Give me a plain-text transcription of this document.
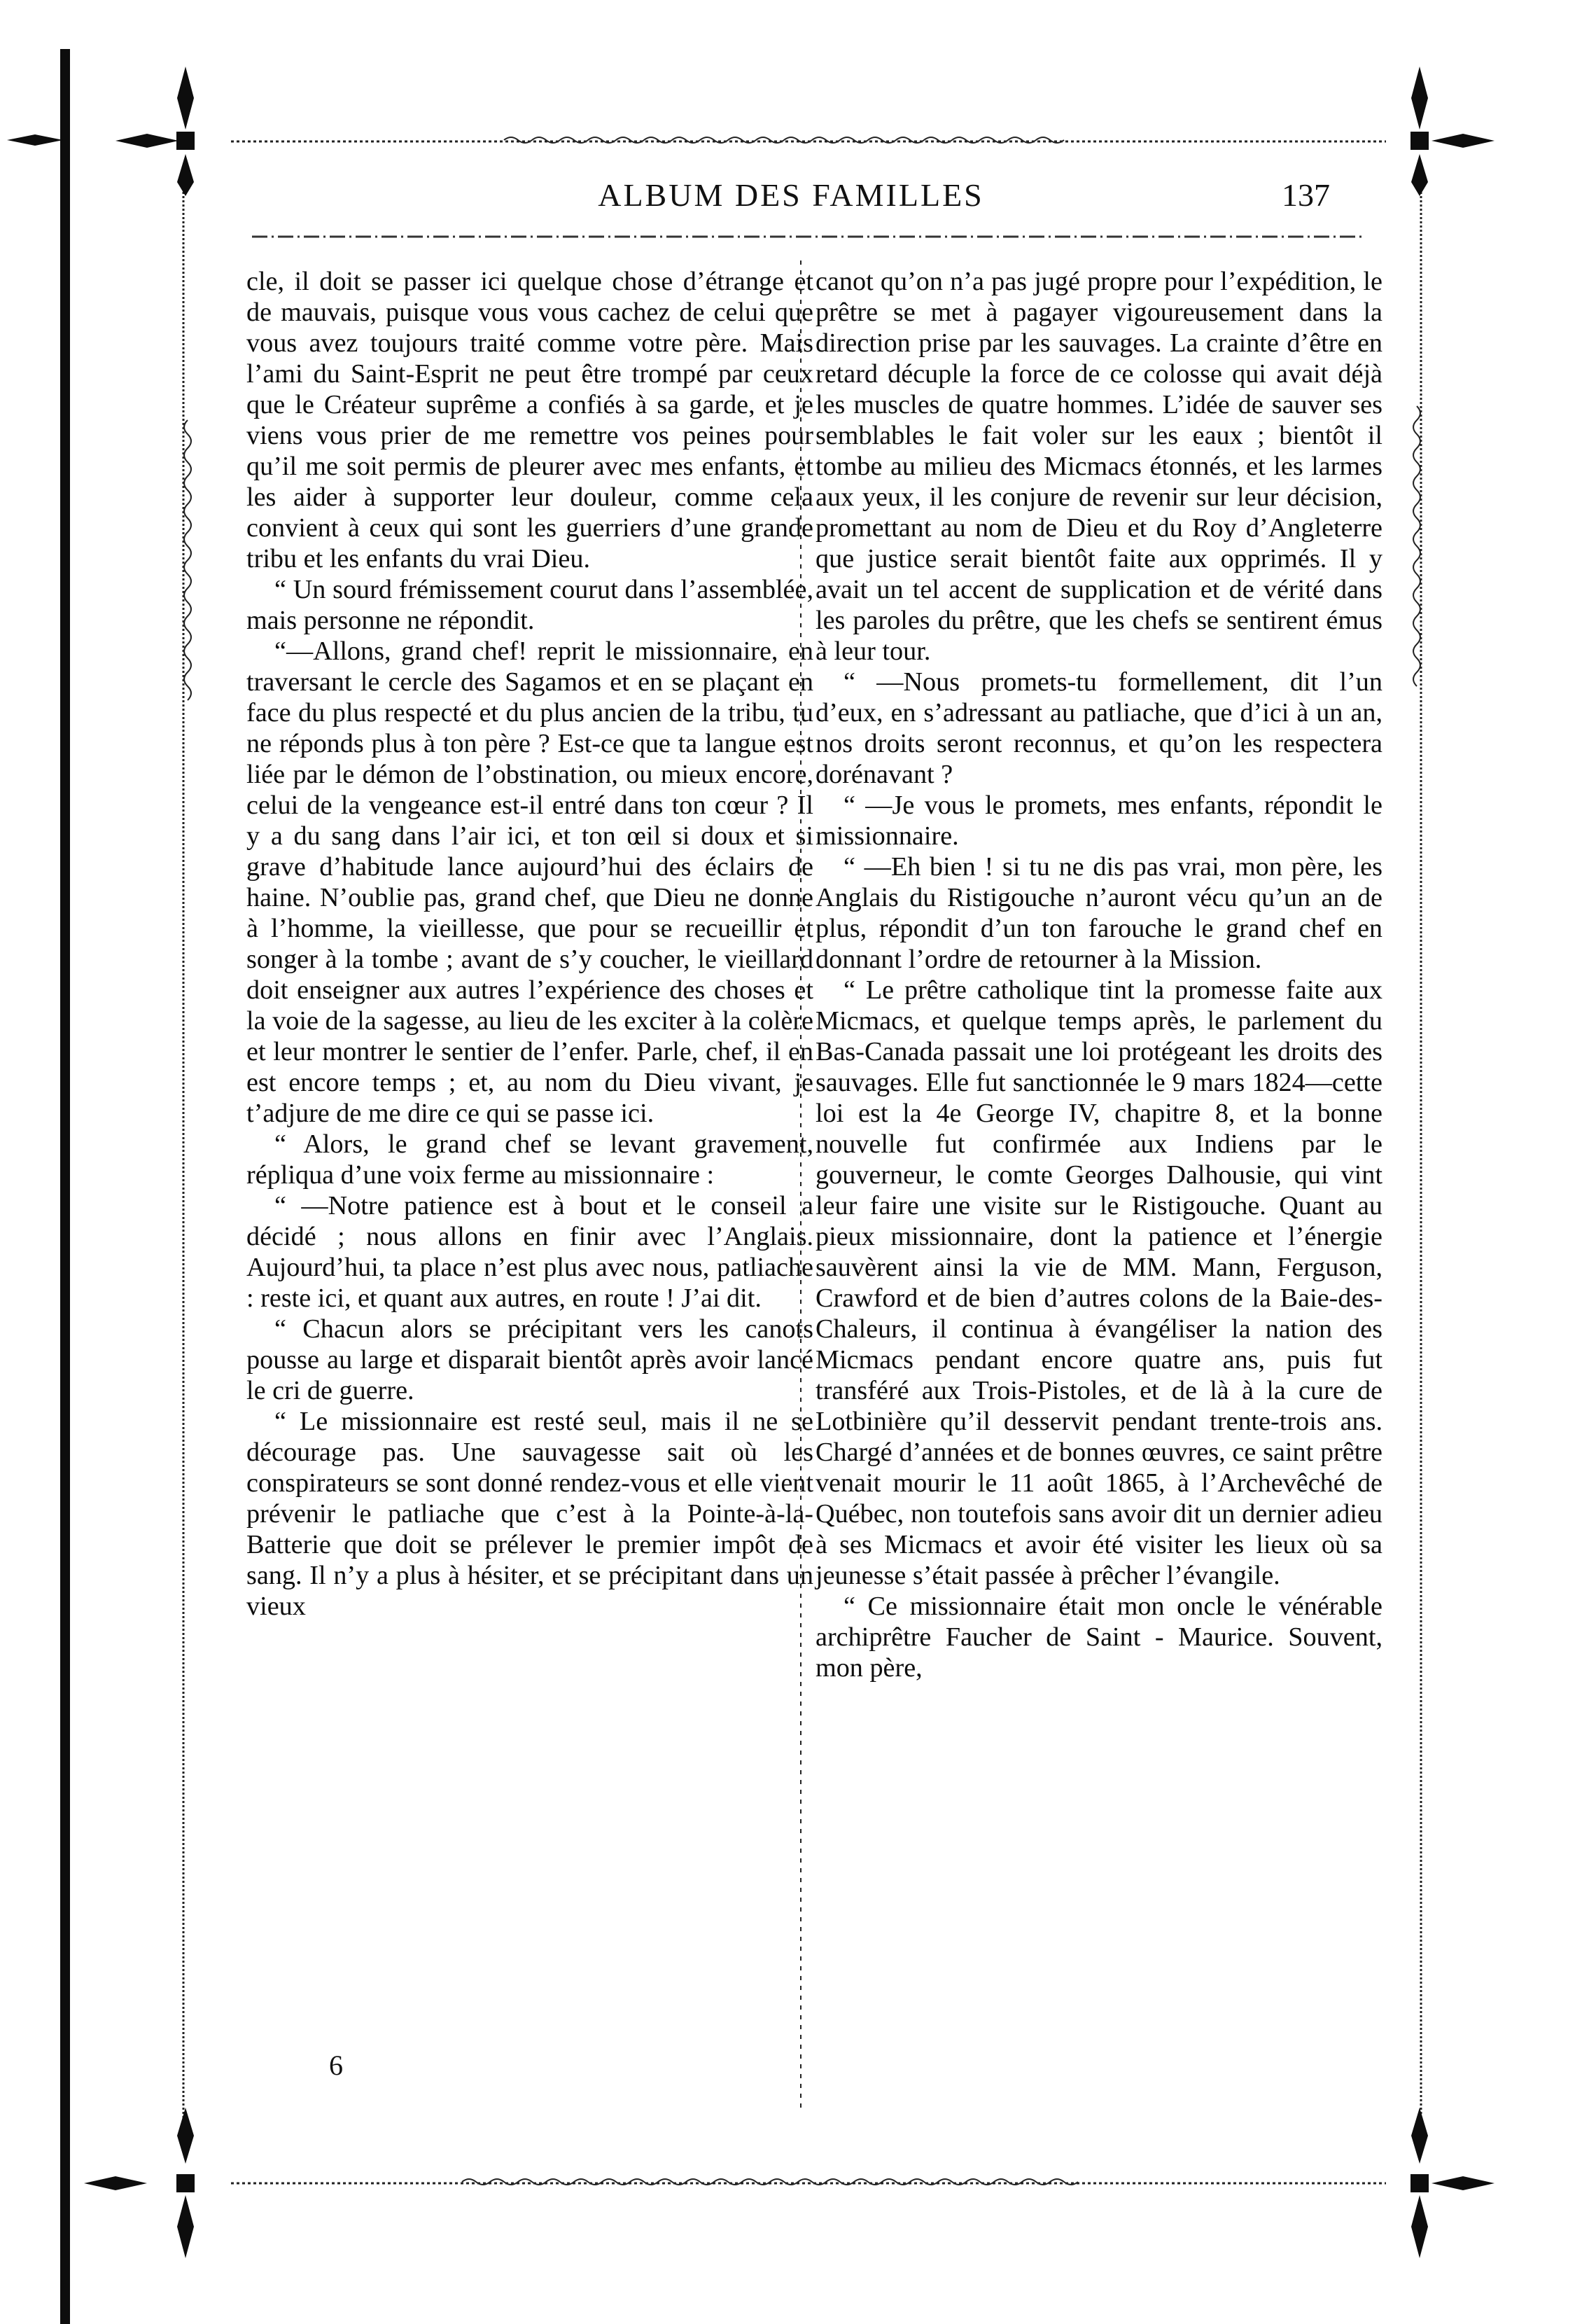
ALBUM DES FAMILLES	137

cle, il doit se passer ici quelque chose d’étrange et de mauvais, puisque vous vous cachez de celui que vous avez toujours traité comme votre père. Mais l’ami du Saint-Esprit ne peut être trompé par ceux que le Créateur suprême a confiés à sa garde, et je viens vous prier de me remettre vos peines pour qu’il me soit permis de pleurer avec mes enfants, et les aider à supporter leur douleur, comme cela convient à ceux qui sont les guerriers d’une grande tribu et les enfants du vrai Dieu.

“ Un sourd frémissement courut dans l’assemblée, mais personne ne répondit.

“—Allons, grand chef! reprit le missionnaire, en traversant le cercle des Sagamos et en se plaçant en face du plus respecté et du plus ancien de la tribu, tu ne réponds plus à ton père ? Est-ce que ta langue est liée par le démon de l’obstination, ou mieux encore, celui de la vengeance est-il entré dans ton cœur ? Il y a du sang dans l’air ici, et ton œil si doux et si grave d’habitude lance aujourd’hui des éclairs de haine. N’oublie pas, grand chef, que Dieu ne donne à l’homme, la vieillesse, que pour se recueillir et songer à la tombe ; avant de s’y coucher, le vieillard doit enseigner aux autres l’expérience des choses et la voie de la sagesse, au lieu de les exciter à la colère et leur montrer le sentier de l’enfer. Parle, chef, il en est encore temps ; et, au nom du Dieu vivant, je t’adjure de me dire ce qui se passe ici.

“ Alors, le grand chef se levant gravement, répliqua d’une voix ferme au missionnaire :

“ —Notre patience est à bout et le conseil a décidé ; nous allons en finir avec l’Anglais. Aujourd’hui, ta place n’est plus avec nous, patliache : reste ici, et quant aux autres, en route ! J’ai dit.

“ Chacun alors se précipitant vers les canots pousse au large et disparait bientôt après avoir lancé le cri de guerre.

“ Le missionnaire est resté seul, mais il ne se décourage pas. Une sauvagesse sait où les conspirateurs se sont donné rendez-vous et elle vient prévenir le patliache que c’est à la Pointe-à-la-Batterie que doit se prélever le premier impôt de sang. Il n’y a plus à hésiter, et se précipitant dans un vieux

canot qu’on n’a pas jugé propre pour l’expédition, le prêtre se met à pagayer vigoureusement dans la direction prise par les sauvages. La crainte d’être en retard décuple la force de ce colosse qui avait déjà les muscles de quatre hommes. L’idée de sauver ses semblables le fait voler sur les eaux ; bientôt il tombe au milieu des Micmacs étonnés, et les larmes aux yeux, il les conjure de revenir sur leur décision, promettant au nom de Dieu et du Roy d’Angleterre que justice serait bientôt faite aux opprimés. Il y avait un tel accent de supplication et de vérité dans les paroles du prêtre, que les chefs se sentirent émus à leur tour.

“ —Nous promets-tu formellement, dit l’un d’eux, en s’adressant au patliache, que d’ici à un an, nos droits seront reconnus, et qu’on les respectera dorénavant ?

“ —Je vous le promets, mes enfants, répondit le missionnaire.

“ —Eh bien ! si tu ne dis pas vrai, mon père, les Anglais du Ristigouche n’auront vécu qu’un an de plus, répondit d’un ton farouche le grand chef en donnant l’ordre de retourner à la Mission.

“ Le prêtre catholique tint la promesse faite aux Micmacs, et quelque temps après, le parlement du Bas-Canada passait une loi protégeant les droits des sauvages. Elle fut sanctionnée le 9 mars 1824—cette loi est la 4e George IV, chapitre 8, et la bonne nouvelle fut confirmée aux Indiens par le gouverneur, le comte Georges Dalhousie, qui vint leur faire une visite sur le Ristigouche. Quant au pieux missionnaire, dont la patience et l’énergie sauvèrent ainsi la vie de MM. Mann, Ferguson, Crawford et de bien d’autres colons de la Baie-des-Chaleurs, il continua à évangéliser la nation des Micmacs pendant encore quatre ans, puis fut transféré aux Trois-Pistoles, et de là à la cure de Lotbinière qu’il desservit pendant trente-trois ans. Chargé d’années et de bonnes œuvres, ce saint prêtre venait mourir le 11 août 1865, à l’Archevêché de Québec, non toutefois sans avoir dit un dernier adieu à ses Micmacs et avoir été visiter les lieux où sa jeunesse s’était passée à prêcher l’évangile.

“ Ce missionnaire était mon oncle le vénérable archiprêtre Faucher de Saint - Maurice. Souvent, mon père,

6
